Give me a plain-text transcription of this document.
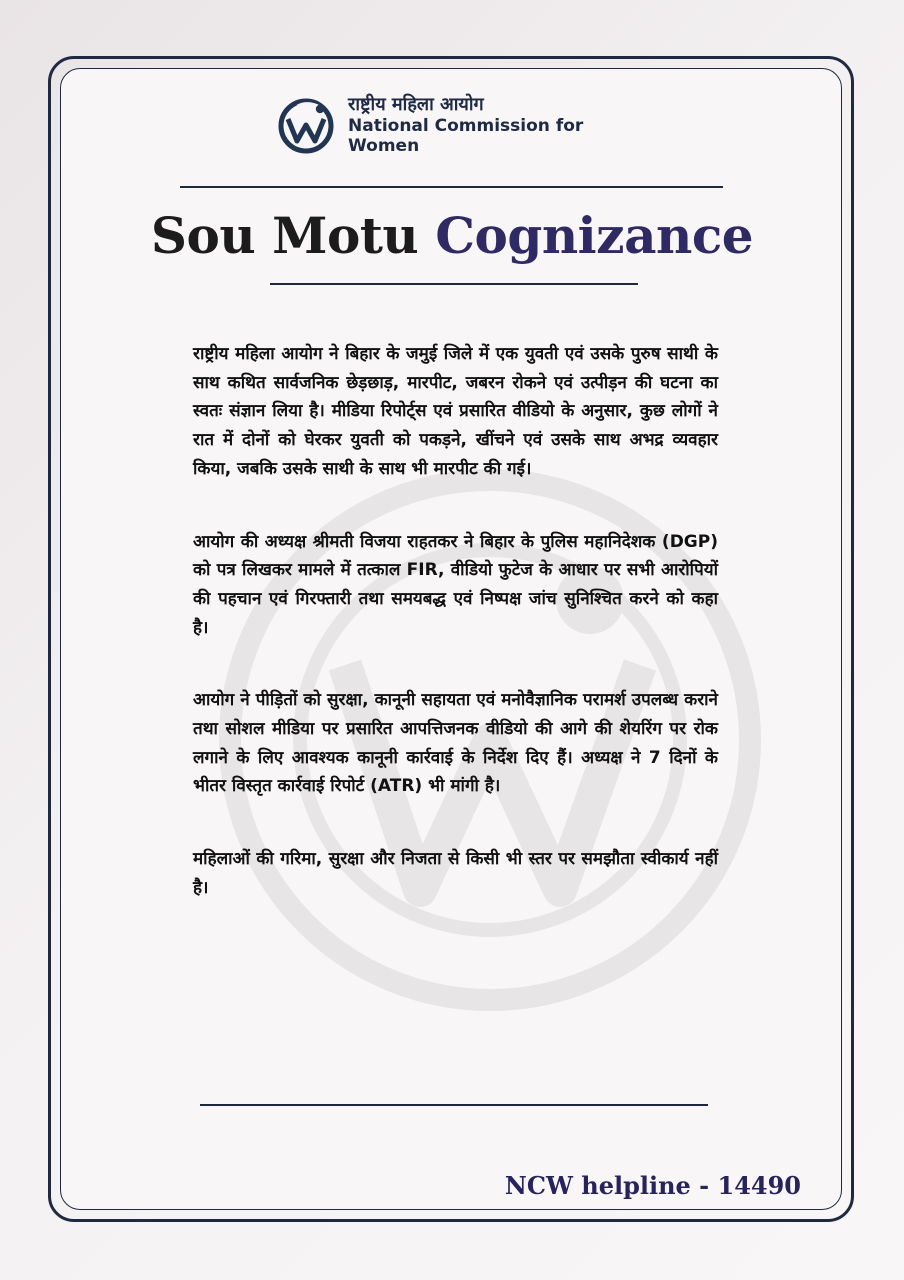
राष्ट्रीय महिला आयोग
National Commission for Women
Sou Motu Cognizance

राष्ट्रीय महिला आयोग ने बिहार के जमुई जिले में एक युवती एवं उसके पुरुष साथी के साथ कथित सार्वजनिक छेड़छाड़, मारपीट, जबरन रोकने एवं उत्पीड़न की घटना का स्वतः संज्ञान लिया है। मीडिया रिपोर्ट्स एवं प्रसारित वीडियो के अनुसार, कुछ लोगों ने रात में दोनों को घेरकर युवती को पकड़ने, खींचने एवं उसके साथ अभद्र व्यवहार किया, जबकि उसके साथी के साथ भी मारपीट की गई।

आयोग की अध्यक्ष श्रीमती विजया राहतकर ने बिहार के पुलिस महानिदेशक (DGP) को पत्र लिखकर मामले में तत्काल FIR, वीडियो फुटेज के आधार पर सभी आरोपियों की पहचान एवं गिरफ्तारी तथा समयबद्ध एवं निष्पक्ष जांच सुनिश्चित करने को कहा है।

आयोग ने पीड़ितों को सुरक्षा, कानूनी सहायता एवं मनोवैज्ञानिक परामर्श उपलब्ध कराने तथा सोशल मीडिया पर प्रसारित आपत्तिजनक वीडियो की आगे की शेयरिंग पर रोक लगाने के लिए आवश्यक कानूनी कार्रवाई के निर्देश दिए हैं। अध्यक्ष ने 7 दिनों के भीतर विस्तृत कार्रवाई रिपोर्ट (ATR) भी मांगी है।

महिलाओं की गरिमा, सुरक्षा और निजता से किसी भी स्तर पर समझौता स्वीकार्य नहीं है।

NCW helpline - 14490
